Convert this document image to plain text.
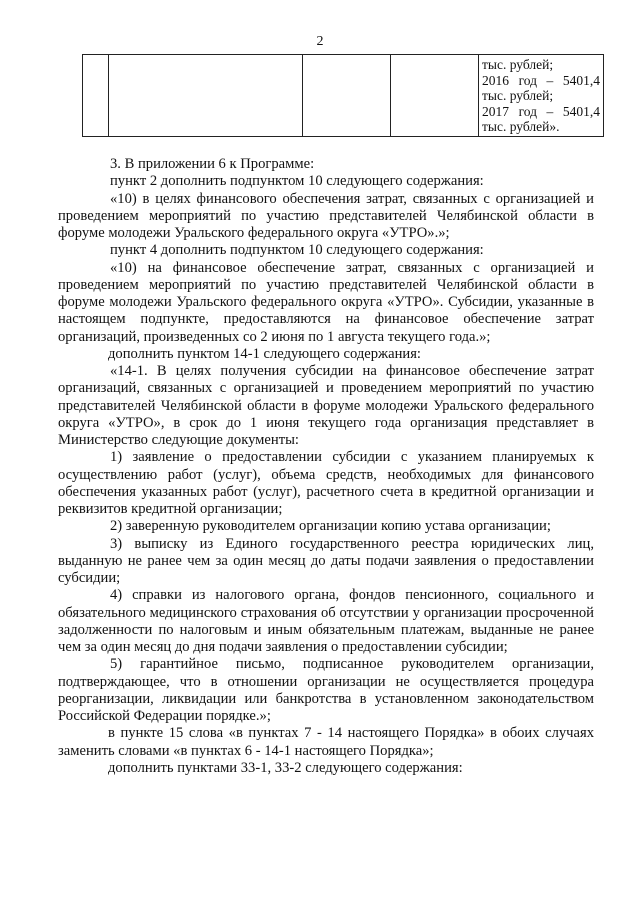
2

тыс. рублей;
2016 год – 5401,4
тыс. рублей;
2017 год – 5401,4
тыс. рублей».

3. В приложении 6 к Программе:

пункт 2 дополнить подпунктом 10 следующего содержания:

«10) в целях финансового обеспечения затрат, связанных с организацией и проведением мероприятий по участию представителей Челябинской области в форуме молодежи Уральского федерального округа «УТРО».»;

пункт 4 дополнить подпунктом 10 следующего содержания:

«10) на финансовое обеспечение затрат, связанных с организацией и проведением мероприятий по участию представителей Челябинской области в форуме молодежи Уральского федерального округа «УТРО». Субсидии, указанные в настоящем подпункте, предоставляются на финансовое обеспечение затрат организаций, произведенных со 2 июня по 1 августа текущего года.»;

дополнить пунктом 14-1 следующего содержания:

«14-1. В целях получения субсидии на финансовое обеспечение затрат организаций, связанных с организацией и проведением мероприятий по участию представителей Челябинской области в форуме молодежи Уральского федерального округа «УТРО», в срок до 1 июня текущего года организация представляет в Министерство следующие документы:

1) заявление о предоставлении субсидии с указанием планируемых к осуществлению работ (услуг), объема средств, необходимых для финансового обеспечения указанных работ (услуг), расчетного счета в кредитной организации и реквизитов кредитной организации;

2) заверенную руководителем организации копию устава организации;

3) выписку из Единого государственного реестра юридических лиц, выданную не ранее чем за один месяц до даты подачи заявления о предоставлении субсидии;

4) справки из налогового органа, фондов пенсионного, социального и обязательного медицинского страхования об отсутствии у организации просроченной задолженности по налоговым и иным обязательным платежам, выданные не ранее чем за один месяц до дня подачи заявления о предоставлении субсидии;

5) гарантийное письмо, подписанное руководителем организации, подтверждающее, что в отношении организации не осуществляется процедура реорганизации, ликвидации или банкротства в установленном законодательством Российской Федерации порядке.»;

в пункте 15 слова «в пунктах 7 - 14 настоящего Порядка» в обоих случаях заменить словами «в пунктах 6 - 14-1 настоящего Порядка»;

дополнить пунктами 33-1, 33-2 следующего содержания:
